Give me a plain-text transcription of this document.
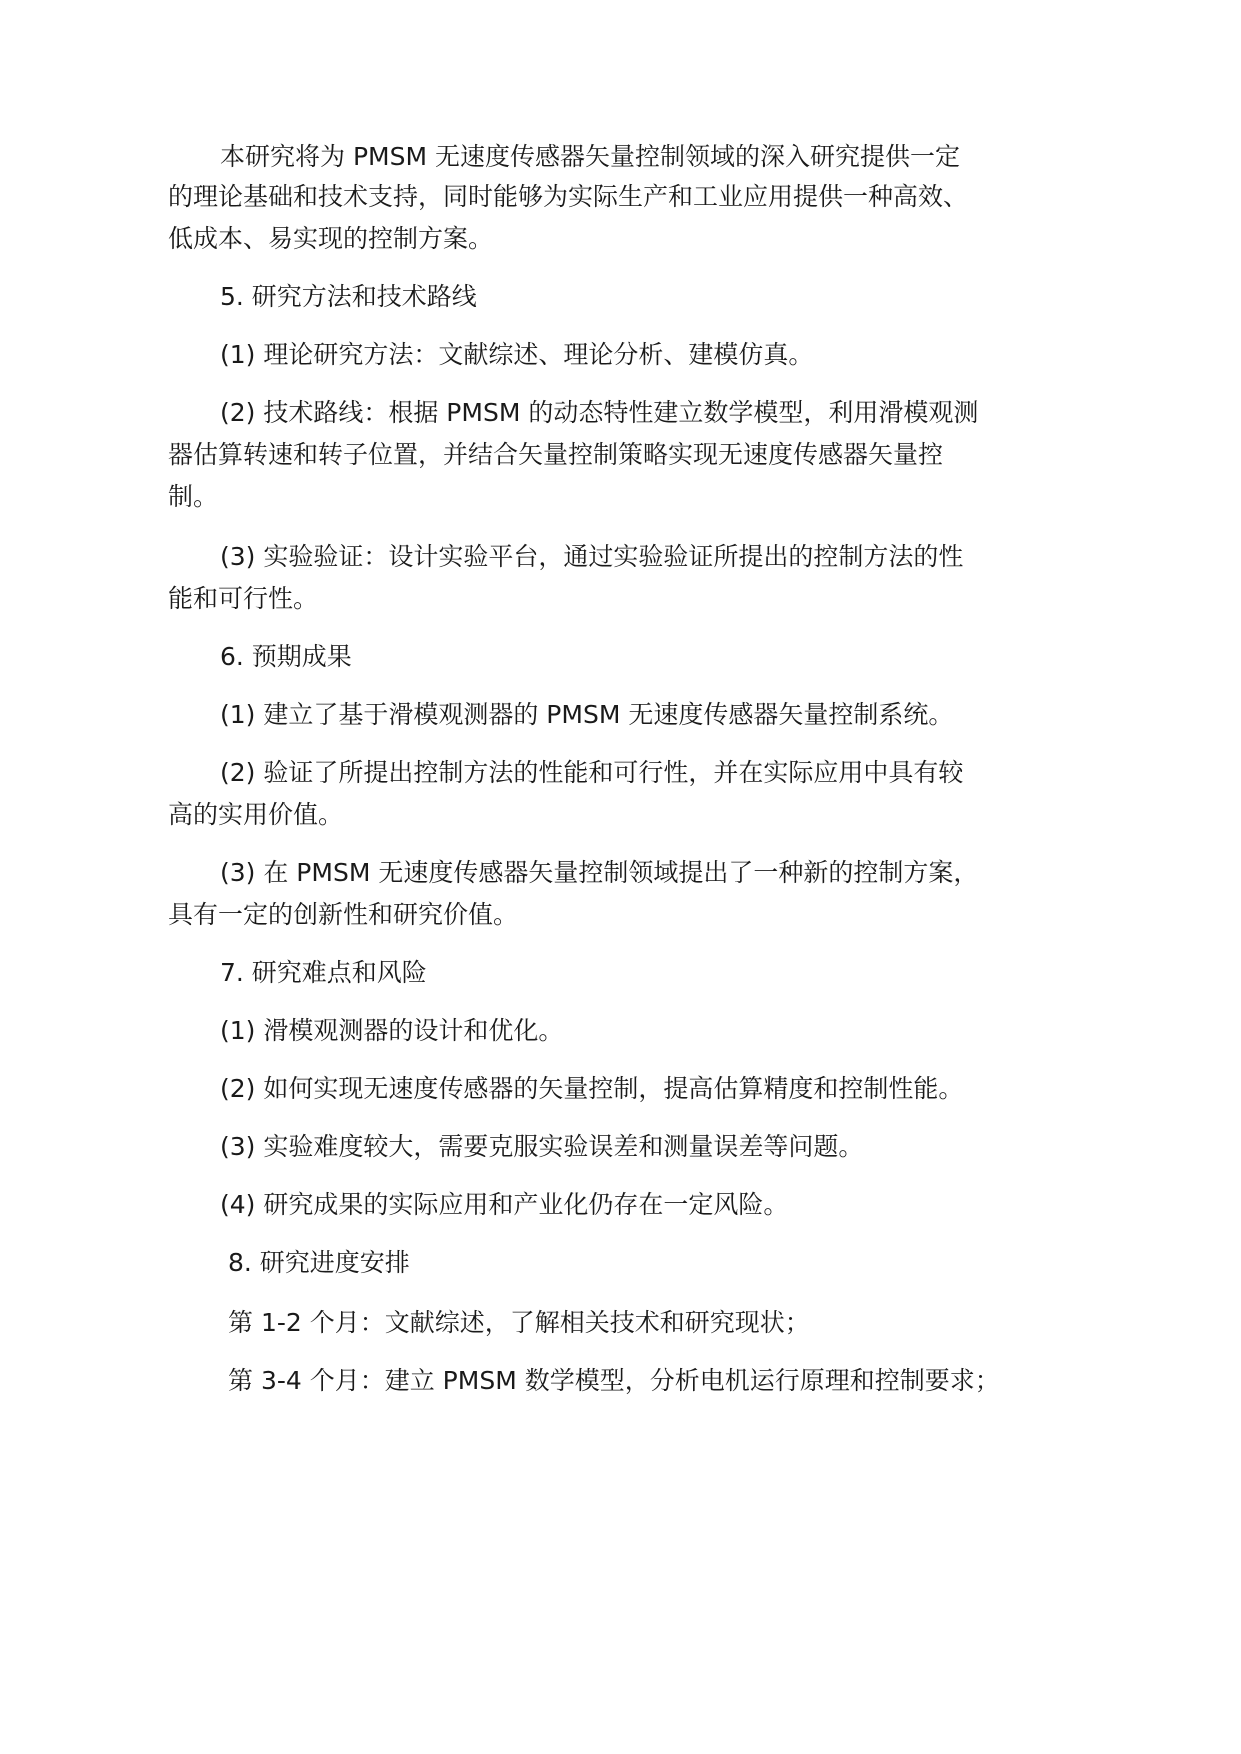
本研究将为 PMSM 无速度传感器矢量控制领域的深入研究提供一定
的理论基础和技术支持，同时能够为实际生产和工业应用提供一种高效、
低成本、易实现的控制方案。
5. 研究方法和技术路线
(1) 理论研究方法：文献综述、理论分析、建模仿真。
(2) 技术路线：根据 PMSM 的动态特性建立数学模型，利用滑模观测
器估算转速和转子位置，并结合矢量控制策略实现无速度传感器矢量控
制。
(3) 实验验证：设计实验平台，通过实验验证所提出的控制方法的性
能和可行性。
6. 预期成果
(1) 建立了基于滑模观测器的 PMSM 无速度传感器矢量控制系统。
(2) 验证了所提出控制方法的性能和可行性，并在实际应用中具有较
高的实用价值。
(3) 在 PMSM 无速度传感器矢量控制领域提出了一种新的控制方案，
具有一定的创新性和研究价值。
7. 研究难点和风险
(1) 滑模观测器的设计和优化。
(2) 如何实现无速度传感器的矢量控制，提高估算精度和控制性能。
(3) 实验难度较大，需要克服实验误差和测量误差等问题。
(4) 研究成果的实际应用和产业化仍存在一定风险。
8. 研究进度安排
第 1-2 个月：文献综述，了解相关技术和研究现状；
第 3-4 个月：建立 PMSM 数学模型，分析电机运行原理和控制要求；
